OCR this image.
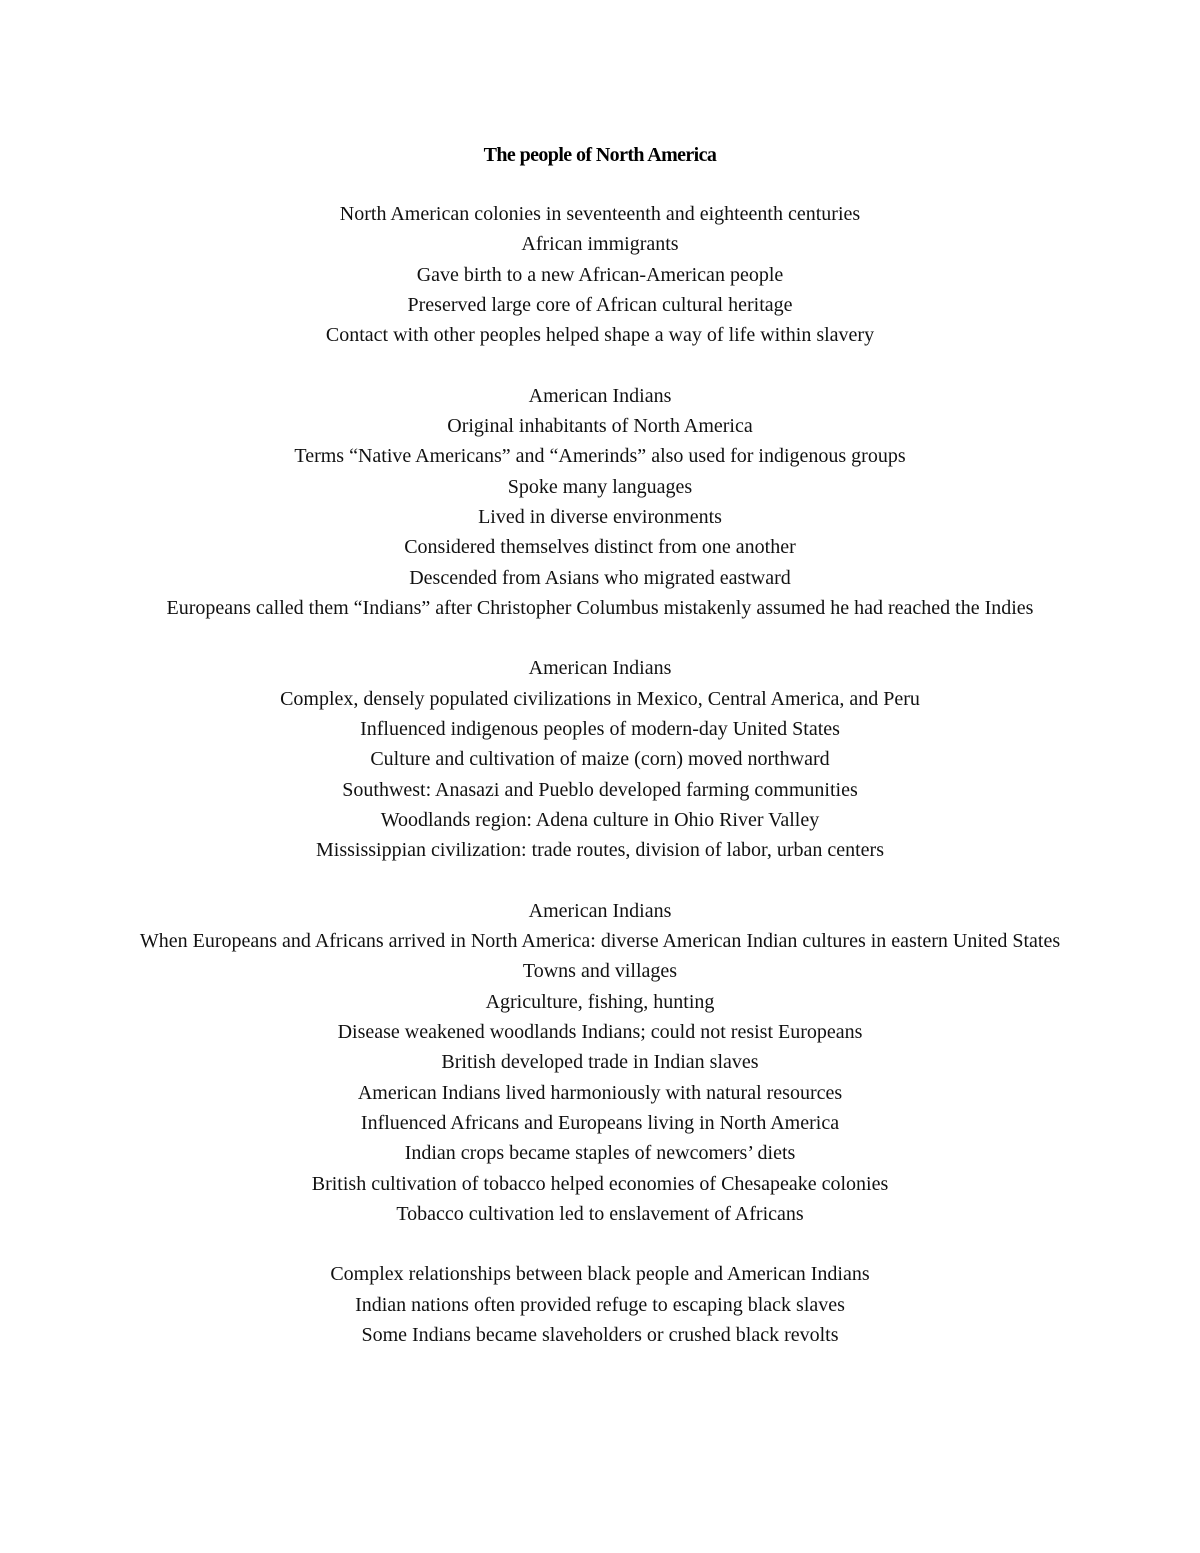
The people of North America

North American colonies in seventeenth and eighteenth centuries

African immigrants

Gave birth to a new African-American people

Preserved large core of African cultural heritage

Contact with other peoples helped shape a way of life within slavery

American Indians

Original inhabitants of North America

Terms “Native Americans” and “Amerinds” also used for indigenous groups

Spoke many languages

Lived in diverse environments

Considered themselves distinct from one another

Descended from Asians who migrated eastward

Europeans called them “Indians” after Christopher Columbus mistakenly assumed he had reached the Indies

American Indians

Complex, densely populated civilizations in Mexico, Central America, and Peru

Influenced indigenous peoples of modern-day United States

Culture and cultivation of maize (corn) moved northward

Southwest: Anasazi and Pueblo developed farming communities

Woodlands region: Adena culture in Ohio River Valley

Mississippian civilization: trade routes, division of labor, urban centers

American Indians

When Europeans and Africans arrived in North America: diverse American Indian cultures in eastern United States

Towns and villages

Agriculture, fishing, hunting

Disease weakened woodlands Indians; could not resist Europeans

British developed trade in Indian slaves

American Indians lived harmoniously with natural resources

Influenced Africans and Europeans living in North America

Indian crops became staples of newcomers’ diets

British cultivation of tobacco helped economies of Chesapeake colonies

Tobacco cultivation led to enslavement of Africans

Complex relationships between black people and American Indians

Indian nations often provided refuge to escaping black slaves

Some Indians became slaveholders or crushed black revolts
